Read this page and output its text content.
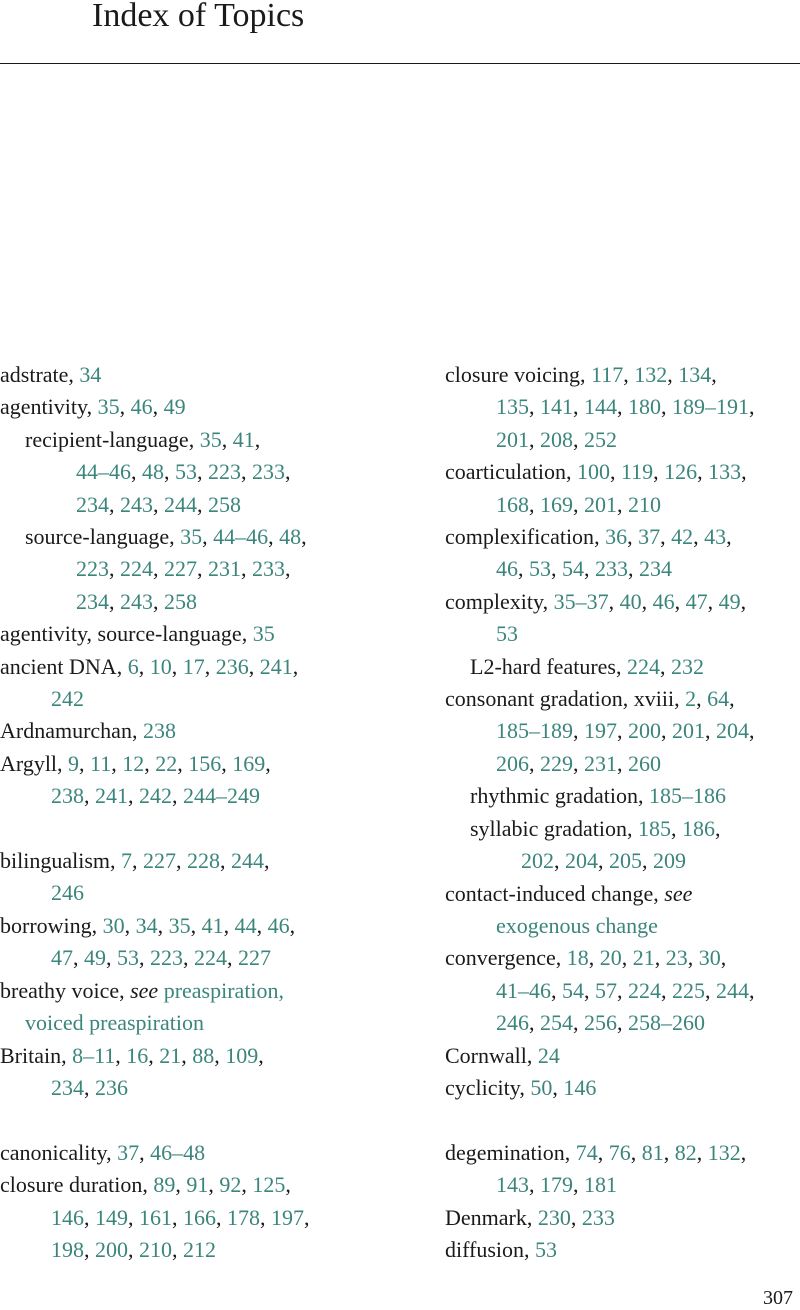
Index of Topics
adstrate, 34
agentivity, 35, 46, 49
recipient-language, 35, 41,
44–46, 48, 53, 223, 233,
234, 243, 244, 258
source-language, 35, 44–46, 48,
223, 224, 227, 231, 233,
234, 243, 258
agentivity, source-language, 35
ancient DNA, 6, 10, 17, 236, 241,
242
Ardnamurchan, 238
Argyll, 9, 11, 12, 22, 156, 169,
238, 241, 242, 244–249
bilingualism, 7, 227, 228, 244,
246
borrowing, 30, 34, 35, 41, 44, 46,
47, 49, 53, 223, 224, 227
breathy voice, see preaspiration,
voiced preaspiration
Britain, 8–11, 16, 21, 88, 109,
234, 236
canonicality, 37, 46–48
closure duration, 89, 91, 92, 125,
146, 149, 161, 166, 178, 197,
198, 200, 210, 212
closure voicing, 117, 132, 134,
135, 141, 144, 180, 189–191,
201, 208, 252
coarticulation, 100, 119, 126, 133,
168, 169, 201, 210
complexification, 36, 37, 42, 43,
46, 53, 54, 233, 234
complexity, 35–37, 40, 46, 47, 49,
53
L2-hard features, 224, 232
consonant gradation, xviii, 2, 64,
185–189, 197, 200, 201, 204,
206, 229, 231, 260
rhythmic gradation, 185–186
syllabic gradation, 185, 186,
202, 204, 205, 209
contact-induced change, see
exogenous change
convergence, 18, 20, 21, 23, 30,
41–46, 54, 57, 224, 225, 244,
246, 254, 256, 258–260
Cornwall, 24
cyclicity, 50, 146
degemination, 74, 76, 81, 82, 132,
143, 179, 181
Denmark, 230, 233
diffusion, 53
307
